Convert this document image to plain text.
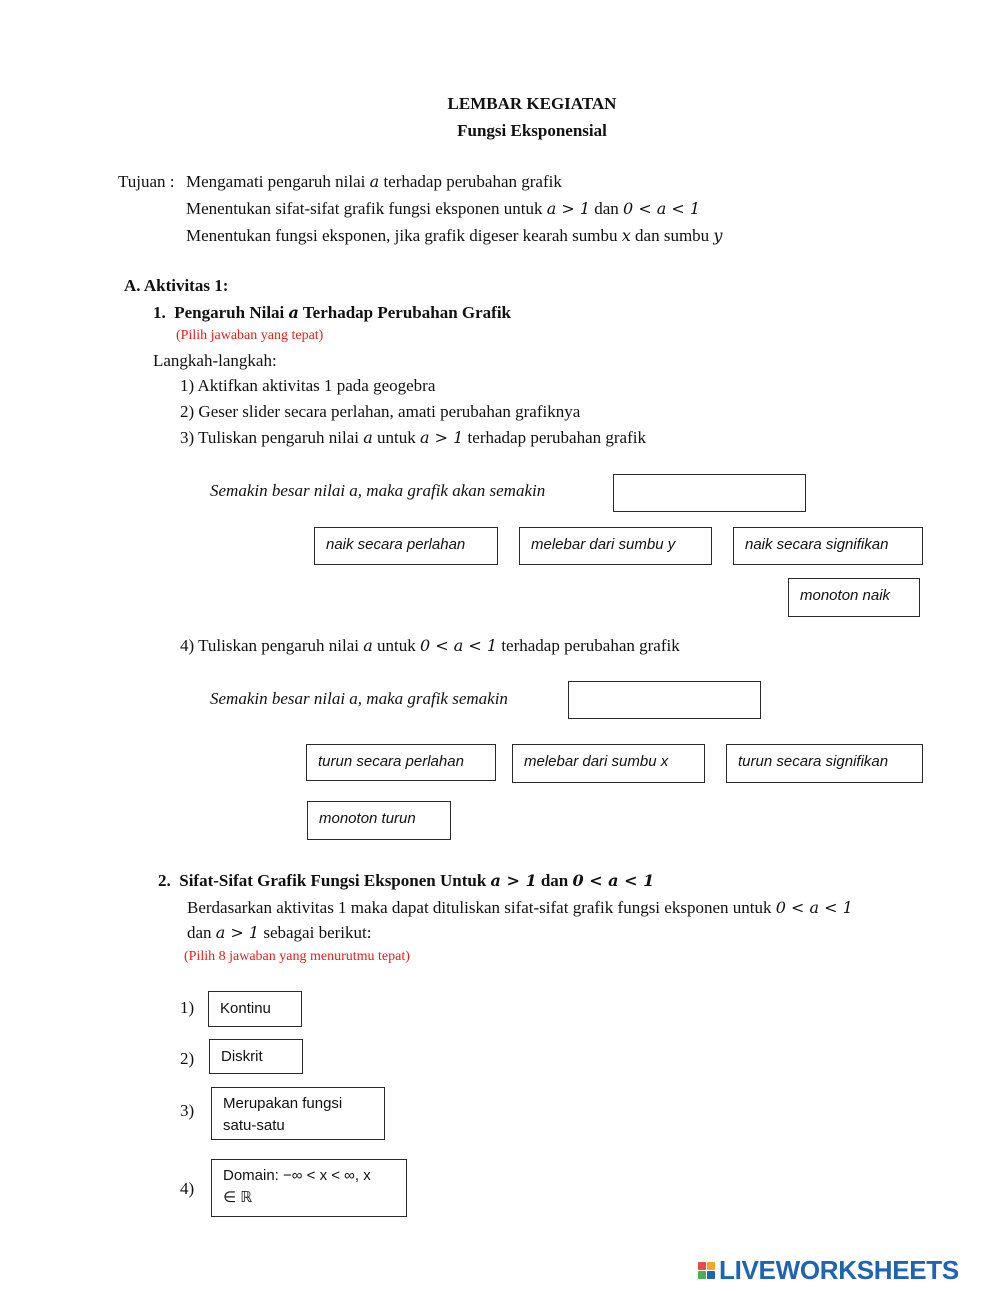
LEMBAR KEGIATAN
Fungsi Eksponensial
Tujuan : Mengamati pengaruh nilai a terhadap perubahan grafik
Menentukan sifat-sifat grafik fungsi eksponen untuk a > 1 dan 0 < a < 1
Menentukan fungsi eksponen, jika grafik digeser kearah sumbu x dan sumbu y
A. Aktivitas 1:
1. Pengaruh Nilai a Terhadap Perubahan Grafik
(Pilih jawaban yang tepat)
Langkah-langkah:
1) Aktifkan aktivitas 1 pada geogebra
2) Geser slider secara perlahan, amati perubahan grafiknya
3) Tuliskan pengaruh nilai a untuk a > 1 terhadap perubahan grafik
Semakin besar nilai a, maka grafik akan semakin
naik secara perlahan	melebar dari sumbu y	naik secara signifikan
monoton naik
4) Tuliskan pengaruh nilai a untuk 0 < a < 1 terhadap perubahan grafik
Semakin besar nilai a, maka grafik semakin
turun secara perlahan	melebar dari sumbu x	turun secara signifikan
monoton turun
2. Sifat-Sifat Grafik Fungsi Eksponen Untuk a > 1 dan 0 < a < 1
Berdasarkan aktivitas 1 maka dapat dituliskan sifat-sifat grafik fungsi eksponen untuk 0 < a < 1
dan a > 1 sebagai berikut:
(Pilih 8 jawaban yang menurutmu tepat)
1)	Kontinu
2)	Diskrit
3)	Merupakan fungsi satu-satu
4)
Domain: −∞ < x < ∞, x ∈ ℝ
LIVEWORKSHEETS
